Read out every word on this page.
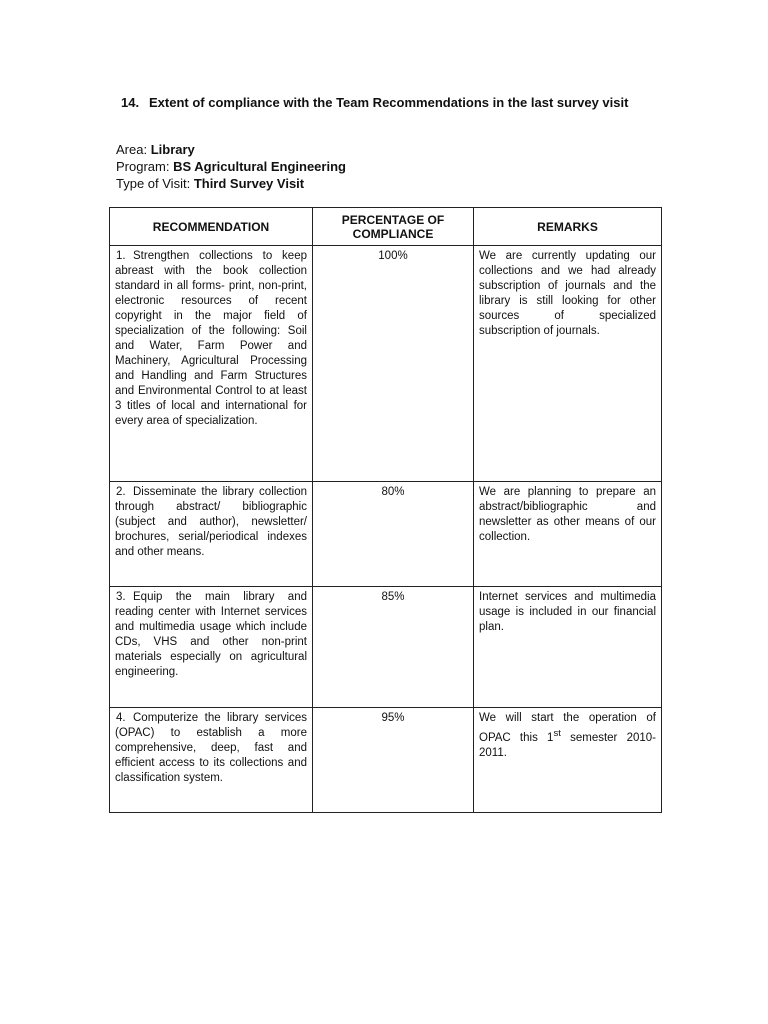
14. Extent of compliance with the Team Recommendations in the last survey visit
Area: Library
Program: BS Agricultural Engineering
Type of Visit: Third Survey Visit
RECOMMENDATION	PERCENTAGE OF COMPLIANCE	REMARKS

1. Strengthen collections to keep abreast with the book collection standard in all forms- print, non-print, electronic resources of recent copyright in the major field of specialization of the following: Soil and Water, Farm Power and Machinery, Agricultural Processing and Handling and Farm Structures and Environmental Control to at least 3 titles of local and international for every area of specialization.	100%	We are currently updating our collections and we had already subscription of journals and the library is still looking for other sources of specialized subscription of journals.

2. Disseminate the library collection through abstract/ bibliographic (subject and author), newsletter/ brochures, serial/periodical indexes and other means.	80%	We are planning to prepare an abstract/bibliographic and newsletter as other means of our collection.

3. Equip the main library and reading center with Internet services and multimedia usage which include CDs, VHS and other non-print materials especially on agricultural engineering.	85%	Internet services and multimedia usage is included in our financial plan.

4. Computerize the library services (OPAC) to establish a more comprehensive, deep, fast and efficient access to its collections and classification system.	95%	We will start the operation of OPAC this 1st semester 2010-2011.
